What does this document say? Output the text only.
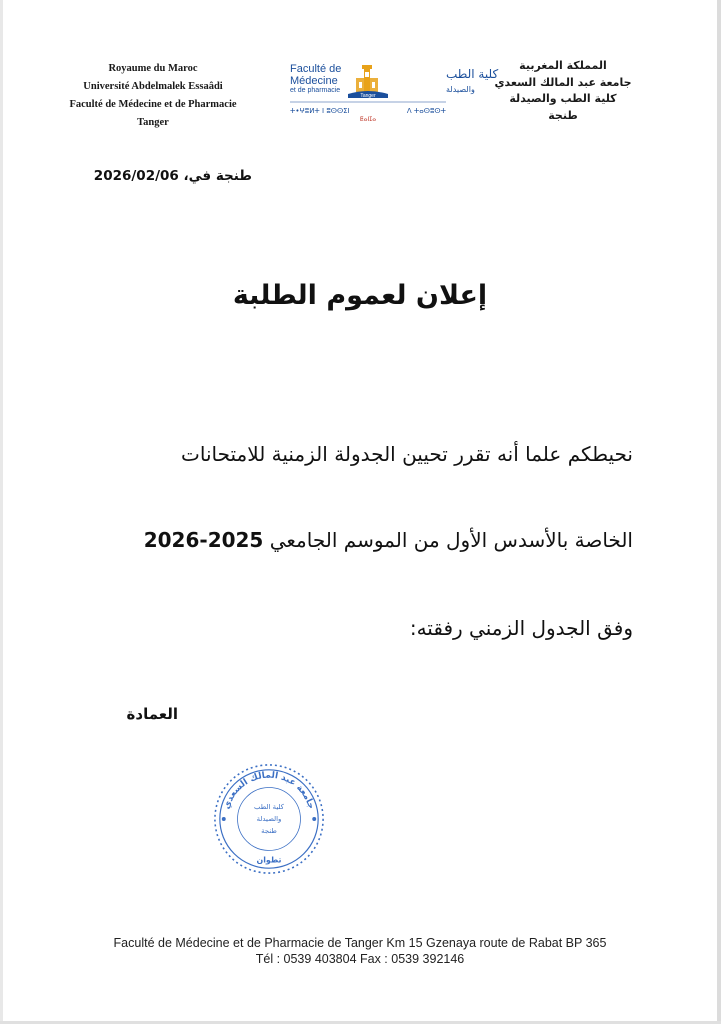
Royaume du Maroc
Université Abdelmalek Essaâdi
Faculté de Médecine et de Pharmacie
Tanger
Faculté de
Médecine
et de pharmacie
Tanger
كلية الطب
والصيدلة
ⵜ•ⵖⵓⵍⵜ ⵏ ⵓⵙⵙⵉⵏ	ⴷ ⵜⴰⵙⵓⵙⵜ
ⵟⴰⵏⵊⴰ
المملكة المغربية
جامعة عبد المالك السعدي
كلية الطب والصيدلة
طنجة
طنجة في، 2026/02/06
إعلان لعموم الطلبة
نحيطكم علما أنه تقرر تحيين الجدولة الزمنية للامتحانات
الخاصة بالأسدس الأول من الموسم الجامعي 2025-2026
وفق الجدول الزمني رفقته:
العمادة
جامعة عبد المالك السعدي
كلية الطب
والصيدلة
طنجة
تطوان
Faculté de Médecine et de Pharmacie de Tanger Km 15 Gzenaya route de Rabat BP 365
Tél : 0539 403804 Fax : 0539 392146
